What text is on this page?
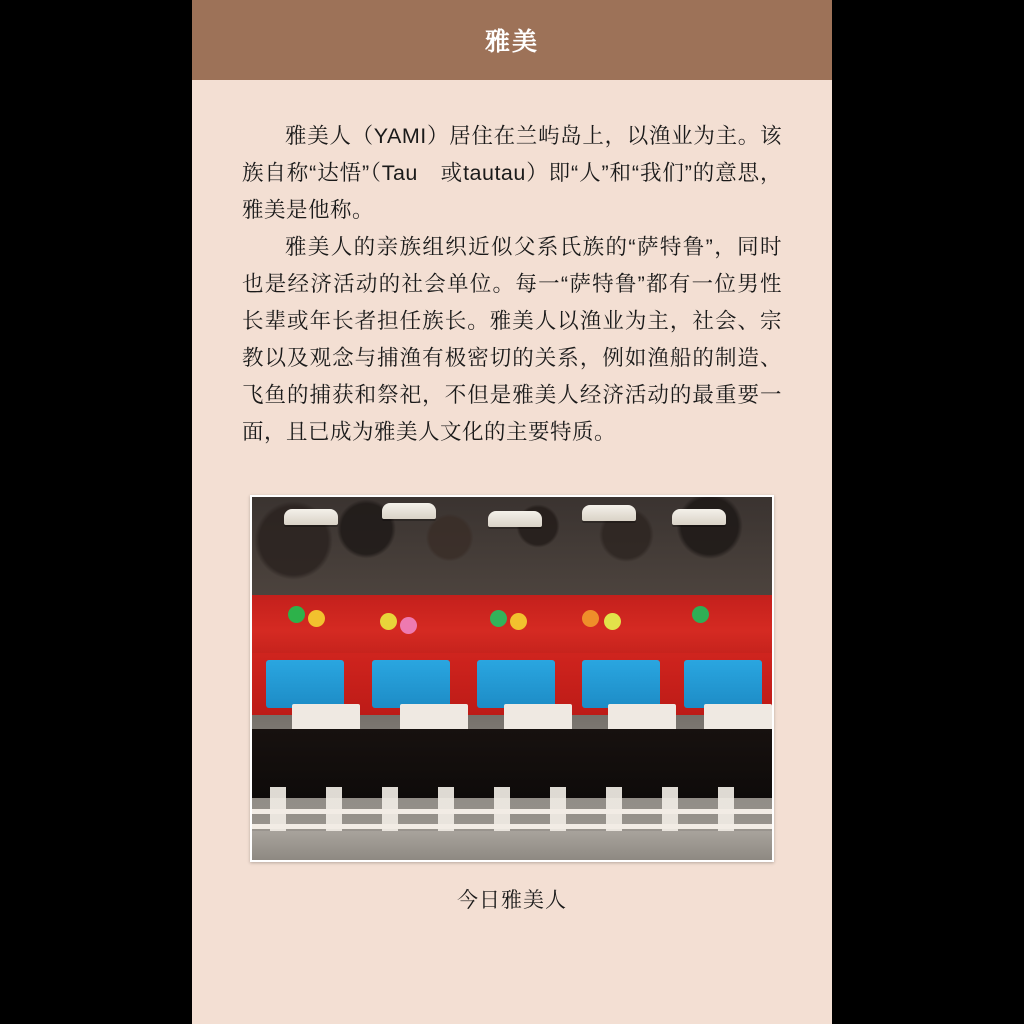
雅美

雅美人（YAMI）居住在兰屿岛上，以渔业为主。该族自称“达悟”（Tau　或tautau）即“人”和“我们”的意思，雅美是他称。

雅美人的亲族组织近似父系氏族的“萨特鲁”，同时也是经济活动的社会单位。每一“萨特鲁”都有一位男性长辈或年长者担任族长。雅美人以渔业为主，社会、宗教以及观念与捕渔有极密切的关系，例如渔船的制造、飞鱼的捕获和祭祀，不但是雅美人经济活动的最重要一面，且已成为雅美人文化的主要特质。

今日雅美人
